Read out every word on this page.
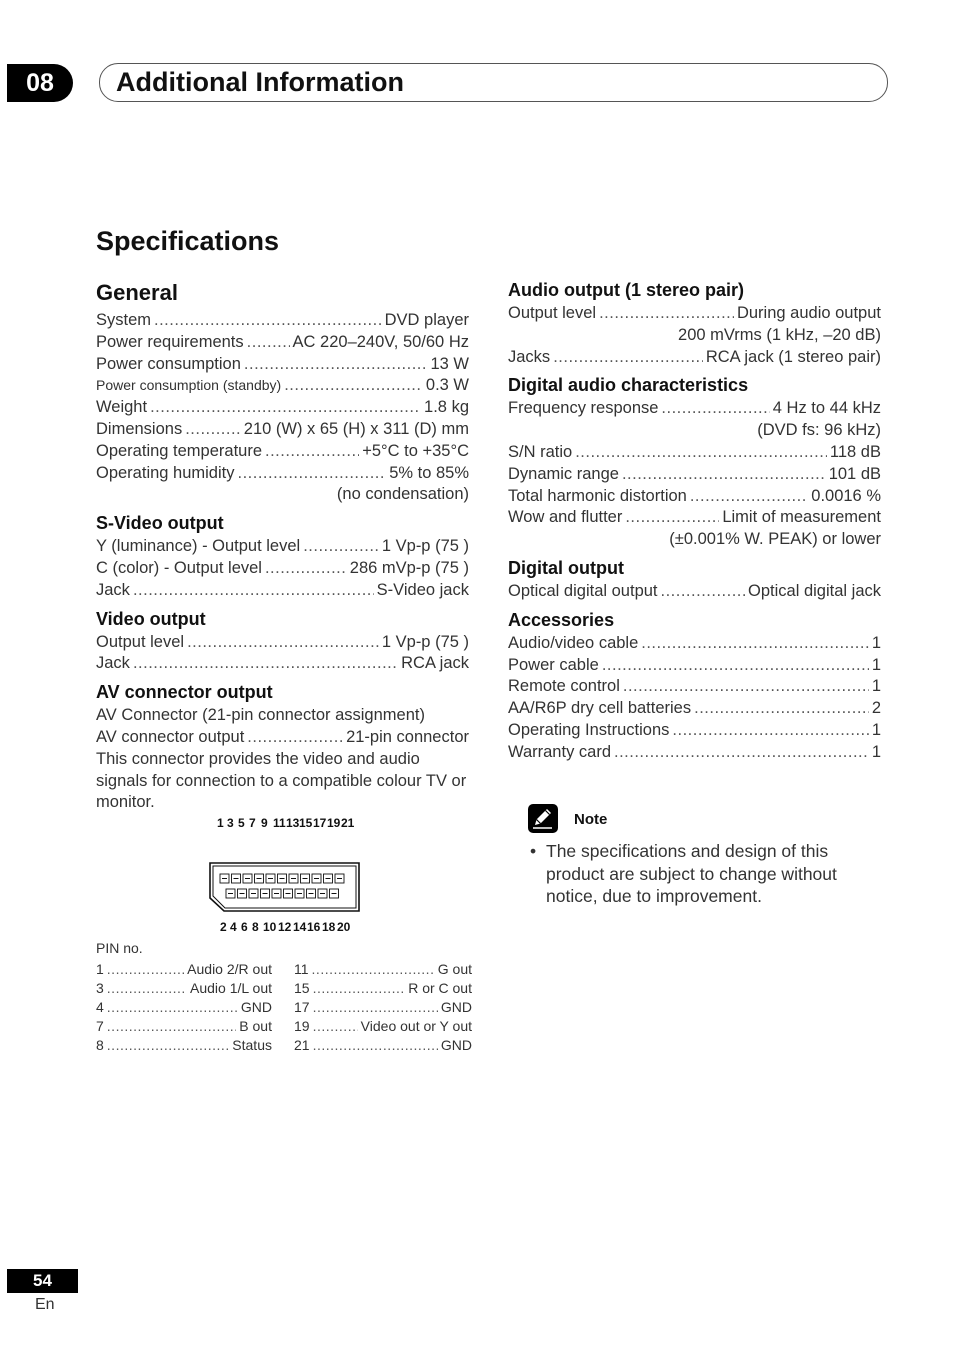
08	Additional Information
Specifications
General
System .....	DVD player
Power requirements .....	AC 220–240V, 50/60 Hz
Power consumption .....	13 W
Power consumption (standby) .....	0.3 W
Weight .....	1.8 kg
Dimensions .....	210 (W) x 65 (H) x 311 (D) mm
Operating temperature .....	+5°C to +35°C
Operating humidity .....	5% to 85%
(no condensation)
S-Video output
Y (luminance) - Output level .....	1 Vp-p (75 )
C (color) - Output level .....	286 mVp-p (75 )
Jack .....	S-Video jack
Video output
Output level .....	1 Vp-p (75 )
Jack .....	RCA jack
AV connector output

AV Connector (21-pin connector assignment)

AV connector output .....	21-pin connector

This connector provides the video and audio signals for connection to a compatible colour TV or monitor.

1 3 5 7 9 11 13 15 17 19 21
2 4 6 8 10 12 14 16 18 20
PIN no.
1 .....	Audio 2/R out
3 .....	Audio 1/L out
4 .....	GND
7 .....	B out
8 .....	Status
11 .....	G out
15 .....	R or C out
17 .....	GND
19 .....	Video out or Y out
21 .....	GND
Audio output (1 stereo pair)
Output level .....	During audio output
200 mVrms (1 kHz, –20 dB)
Jacks .....	RCA jack (1 stereo pair)
Digital audio characteristics
Frequency response .....	4 Hz to 44 kHz
(DVD fs: 96 kHz)
S/N ratio .....	118 dB
Dynamic range .....	101 dB
Total harmonic distortion .....	0.0016 %
Wow and flutter .....	Limit of measurement
(±0.001% W. PEAK) or lower
Digital output
Optical digital output .....	Optical digital jack
Accessories
Audio/video cable .....	1
Power cable .....	1
Remote control .....	1
AA/R6P dry cell batteries .....	2
Operating Instructions .....	1
Warranty card .....	1
Note
• The specifications and design of this product are subject to change without notice, due to improvement.

54
En
